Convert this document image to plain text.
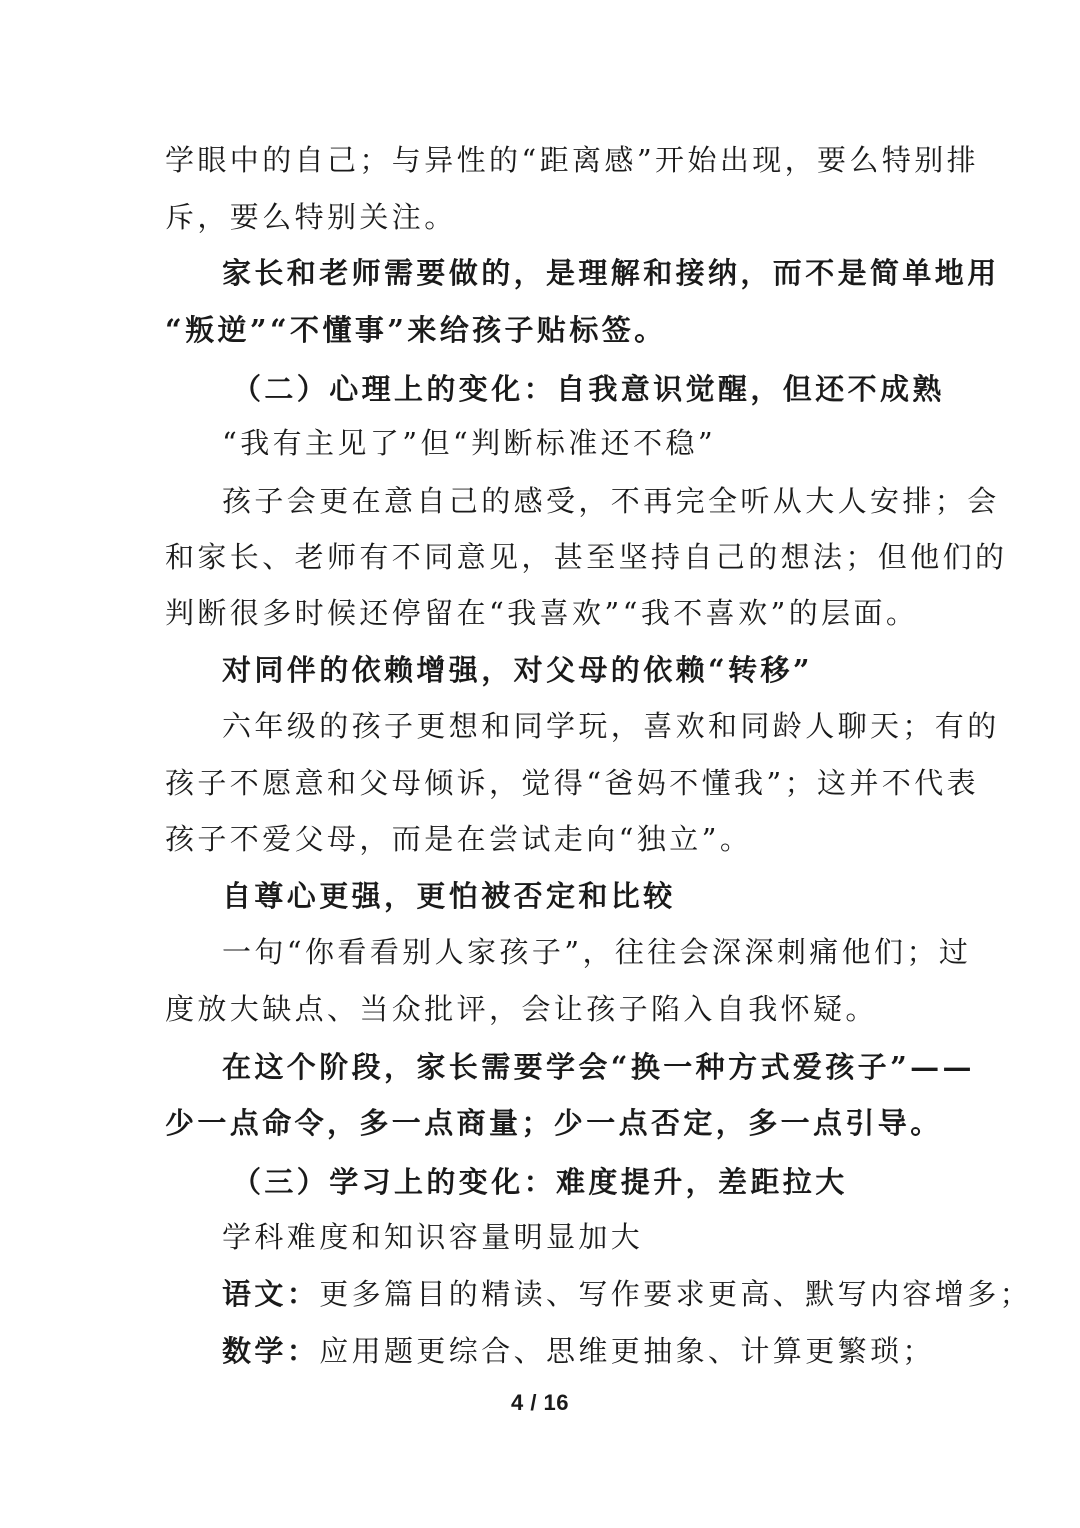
学眼中的自己；与异性的“距离感”开始出现，要么特别排
斥，要么特别关注。
家长和老师需要做的，是理解和接纳，而不是简单地用
“叛逆”“不懂事”来给孩子贴标签。
（二）心理上的变化：自我意识觉醒，但还不成熟
“我有主见了”但“判断标准还不稳”
孩子会更在意自己的感受，不再完全听从大人安排；会
和家长、老师有不同意见，甚至坚持自己的想法；但他们的
判断很多时候还停留在“我喜欢”“我不喜欢”的层面。
对同伴的依赖增强，对父母的依赖“转移”
六年级的孩子更想和同学玩，喜欢和同龄人聊天；有的
孩子不愿意和父母倾诉，觉得“爸妈不懂我”；这并不代表
孩子不爱父母，而是在尝试走向“独立”。
自尊心更强，更怕被否定和比较
一句“你看看别人家孩子”，往往会深深刺痛他们；过
度放大缺点、当众批评，会让孩子陷入自我怀疑。
在这个阶段，家长需要学会“换一种方式爱孩子”——
少一点命令，多一点商量；少一点否定，多一点引导。
（三）学习上的变化：难度提升，差距拉大
学科难度和知识容量明显加大
语文：更多篇目的精读、写作要求更高、默写内容增多；
数学：应用题更综合、思维更抽象、计算更繁琐；
4 / 16
